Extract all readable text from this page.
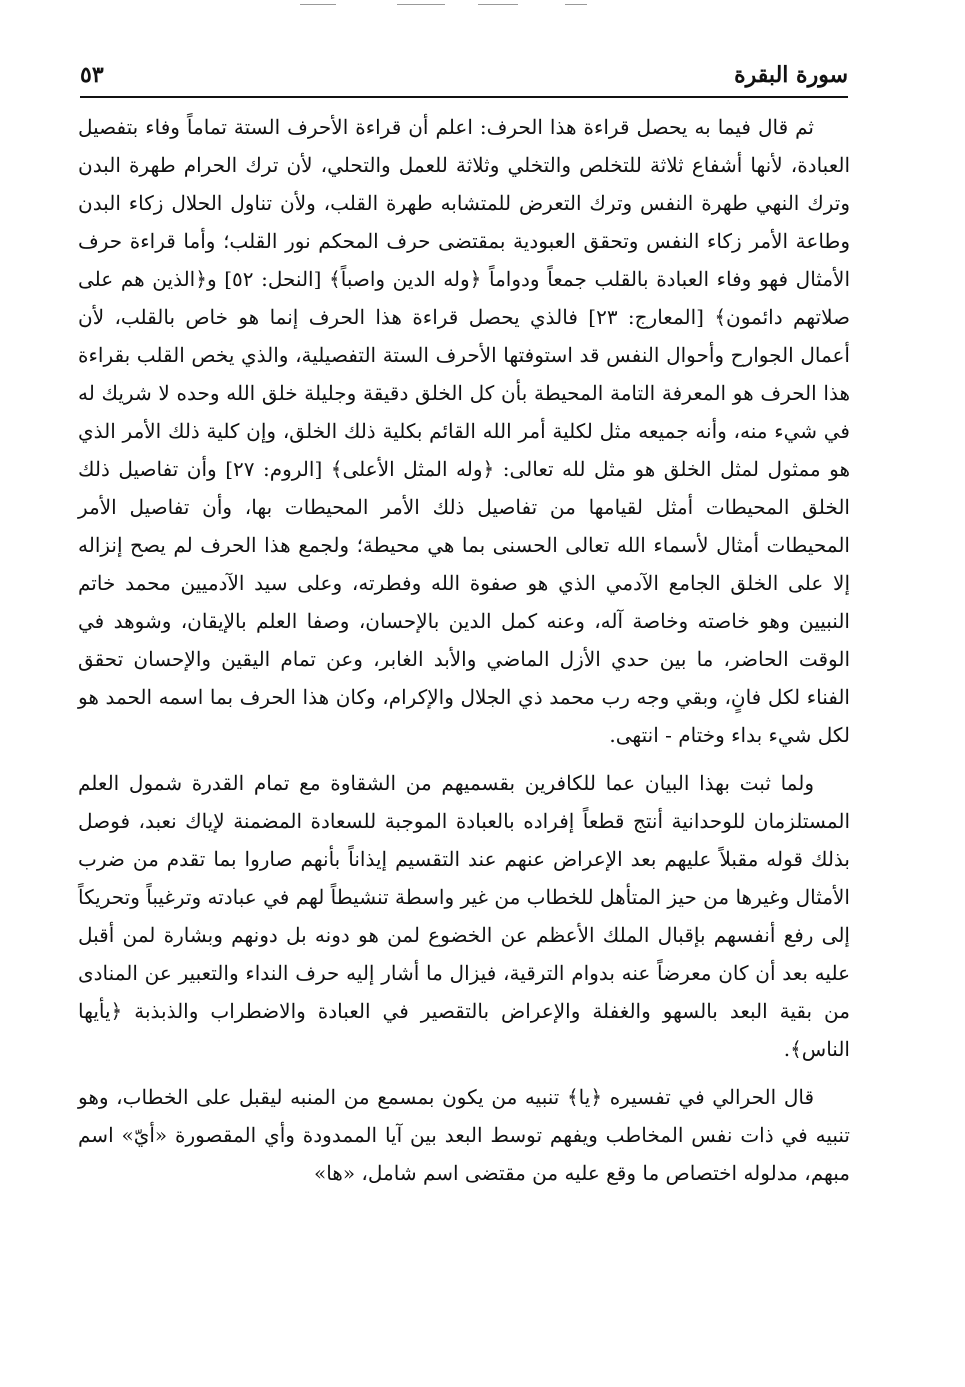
سورة البقرة
٥٣

ثم قال فيما به يحصل قراءة هذا الحرف: اعلم أن قراءة الأحرف الستة تماماً وفاء بتفصيل العبادة، لأنها أشفاع ثلاثة للتخلص والتخلي وثلاثة للعمل والتحلي، لأن ترك الحرام طهرة البدن وترك النهي طهرة النفس وترك التعرض للمتشابه طهرة القلب، ولأن تناول الحلال زكاء البدن وطاعة الأمر زكاء النفس وتحقق العبودية بمقتضى حرف المحكم نور القلب؛ وأما قراءة حرف الأمثال فهو وفاء العبادة بالقلب جمعاً ودواماً ﴿وله الدين واصباً﴾ [النحل: ٥٢] و﴿الذين هم على صلاتهم دائمون﴾ [المعارج: ٢٣] فالذي يحصل قراءة هذا الحرف إنما هو خاص بالقلب، لأن أعمال الجوارح وأحوال النفس قد استوفتها الأحرف الستة التفصيلية، والذي يخص القلب بقراءة هذا الحرف هو المعرفة التامة المحيطة بأن كل الخلق دقيقة وجليلة خلق الله وحده لا شريك له في شيء منه، وأنه جميعه مثل لكلية أمر الله القائم بكلية ذلك الخلق، وإن كلية ذلك الأمر الذي هو ممثول لمثل الخلق هو مثل لله تعالى: ﴿وله المثل الأعلى﴾ [الروم: ٢٧] وأن تفاصيل ذلك الخلق المحيطات أمثل لقيامها من تفاصيل ذلك الأمر المحيطات بها، وأن تفاصيل الأمر المحيطات أمثال لأسماء الله تعالى الحسنى بما هي محيطة؛ ولجمع هذا الحرف لم يصح إنزاله إلا على الخلق الجامع الآدمي الذي هو صفوة الله وفطرته، وعلى سيد الآدميين محمد خاتم النبيين وهو خاصته وخاصة آله، وعنه كمل الدين بالإحسان، وصفا العلم بالإيقان، وشوهد في الوقت الحاضر، ما بين حدي الأزل الماضي والأبد الغابر، وعن تمام اليقين والإحسان تحقق الفناء لكل فانٍ، وبقي وجه رب محمد ذي الجلال والإكرام، وكان هذا الحرف بما اسمه الحمد هو لكل شيء بداء وختام - انتهى.

ولما ثبت بهذا البيان عما للكافرين بقسميهم من الشقاوة مع تمام القدرة شمول العلم المستلزمان للوحدانية أنتج قطعاً إفراده بالعبادة الموجبة للسعادة المضمنة لإياك نعبد، فوصل بذلك قوله مقبلاً عليهم بعد الإعراض عنهم عند التقسيم إيذاناً بأنهم صاروا بما تقدم من ضرب الأمثال وغيرها من حيز المتأهل للخطاب من غير واسطة تنشيطاً لهم في عبادته وترغيباً وتحريكاً إلى رفع أنفسهم بإقبال الملك الأعظم عن الخضوع لمن هو دونه بل دونهم وبشارة لمن أقبل عليه بعد أن كان معرضاً عنه بدوام الترقية، فيزال ما أشار إليه حرف النداء والتعبير عن المنادى من بقية البعد بالسهو والغفلة والإعراض بالتقصير في العبادة والاضطراب والذبذبة ﴿يأيها الناس﴾.

قال الحرالي في تفسيره ﴿يا﴾ تنبيه من يكون بمسمع من المنبه ليقبل على الخطاب، وهو تنبيه في ذات نفس المخاطب ويفهم توسط البعد بين آيا الممدودة وأي المقصورة «أيّ» اسم مبهم، مدلوله اختصاص ما وقع عليه من مقتضى اسم شامل، «ها»
